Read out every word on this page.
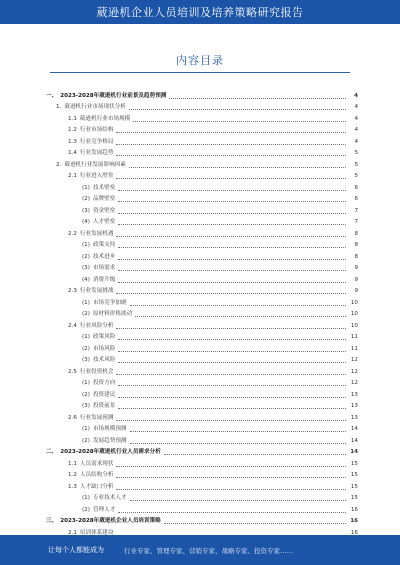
葳逊机企业人员培训及培养策略研究报告
内容目录
一、 2023-2028年葳逊机行业前景及趋势预测	4
1. 葳逊机行业市场现状分析	4
1.1 葳逊机行业市场规模	4
1.2 行业市场结构	4
1.3 行业竞争格局	4
1.4 行业发展趋势	5
2. 葳逊机行业发展影响因素	5
2.1 行业进入壁垒	5
(1) 技术壁垒	6
(2) 品牌壁垒	6
(3) 资金壁垒	7
(4) 人才壁垒	7
2.2 行业发展机遇	8
(1) 政策支持	8
(2) 技术进步	8
(3) 市场需求	9
(4) 消费升级	9
2.3 行业发展挑战	9
(1) 市场竞争加剧	10
(2) 原材料价格波动	10
2.4 行业风险分析	10
(1) 政策风险	11
(2) 市场风险	11
(3) 技术风险	12
2.5 行业投资机会	12
(1) 投资方向	12
(2) 投资建议	13
(3) 投资前景	13
2.6 行业发展预测	13
(1) 市场规模预测	14
(2) 发展趋势预测	14
二、 2023-2028年葳逊机行业人员需求分析	14
1.1 人员需求现状	15
1.2 人员结构分析	15
1.3 人才缺口分析	15
(1) 专业技术人才	15
(2) 管理人才	16
三、 2023-2028年葳逊机企业人员培训策略	16
2.1 培训体系建设	16
让每个人都能成为	行业专家、管理专家、营销专家、战略专家、投资专家……
